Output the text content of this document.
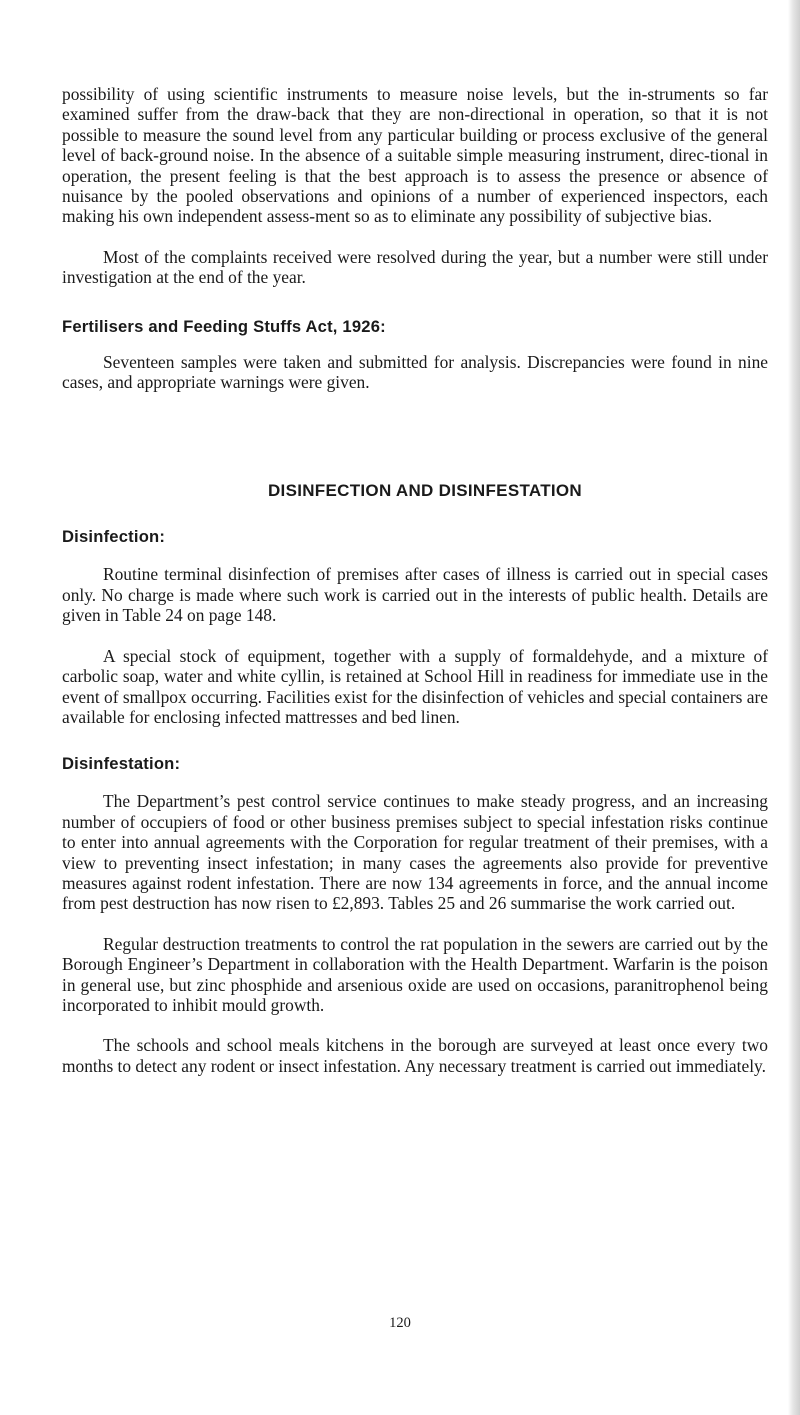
possibility of using scientific instruments to measure noise levels, but the in-struments so far examined suffer from the draw-back that they are non-directional in operation, so that it is not possible to measure the sound level from any particular building or process exclusive of the general level of back-ground noise. In the absence of a suitable simple measuring instrument, direc-tional in operation, the present feeling is that the best approach is to assess the presence or absence of nuisance by the pooled observations and opinions of a number of experienced inspectors, each making his own independent assess-ment so as to eliminate any possibility of subjective bias.

Most of the complaints received were resolved during the year, but a number were still under investigation at the end of the year.

Fertilisers and Feeding Stuffs Act, 1926:

Seventeen samples were taken and submitted for analysis. Discrepancies were found in nine cases, and appropriate warnings were given.

DISINFECTION AND DISINFESTATION
Disinfection:

Routine terminal disinfection of premises after cases of illness is carried out in special cases only. No charge is made where such work is carried out in the interests of public health. Details are given in Table 24 on page 148.

A special stock of equipment, together with a supply of formaldehyde, and a mixture of carbolic soap, water and white cyllin, is retained at School Hill in readiness for immediate use in the event of smallpox occurring. Facilities exist for the disinfection of vehicles and special containers are available for enclosing infected mattresses and bed linen.

Disinfestation:

The Department’s pest control service continues to make steady progress, and an increasing number of occupiers of food or other business premises subject to special infestation risks continue to enter into annual agreements with the Corporation for regular treatment of their premises, with a view to preventing insect infestation; in many cases the agreements also provide for preventive measures against rodent infestation. There are now 134 agreements in force, and the annual income from pest destruction has now risen to £2,893. Tables 25 and 26 summarise the work carried out.

Regular destruction treatments to control the rat population in the sewers are carried out by the Borough Engineer’s Department in collaboration with the Health Department. Warfarin is the poison in general use, but zinc phosphide and arsenious oxide are used on occasions, paranitrophenol being incorporated to inhibit mould growth.

The schools and school meals kitchens in the borough are surveyed at least once every two months to detect any rodent or insect infestation. Any necessary treatment is carried out immediately.

120
